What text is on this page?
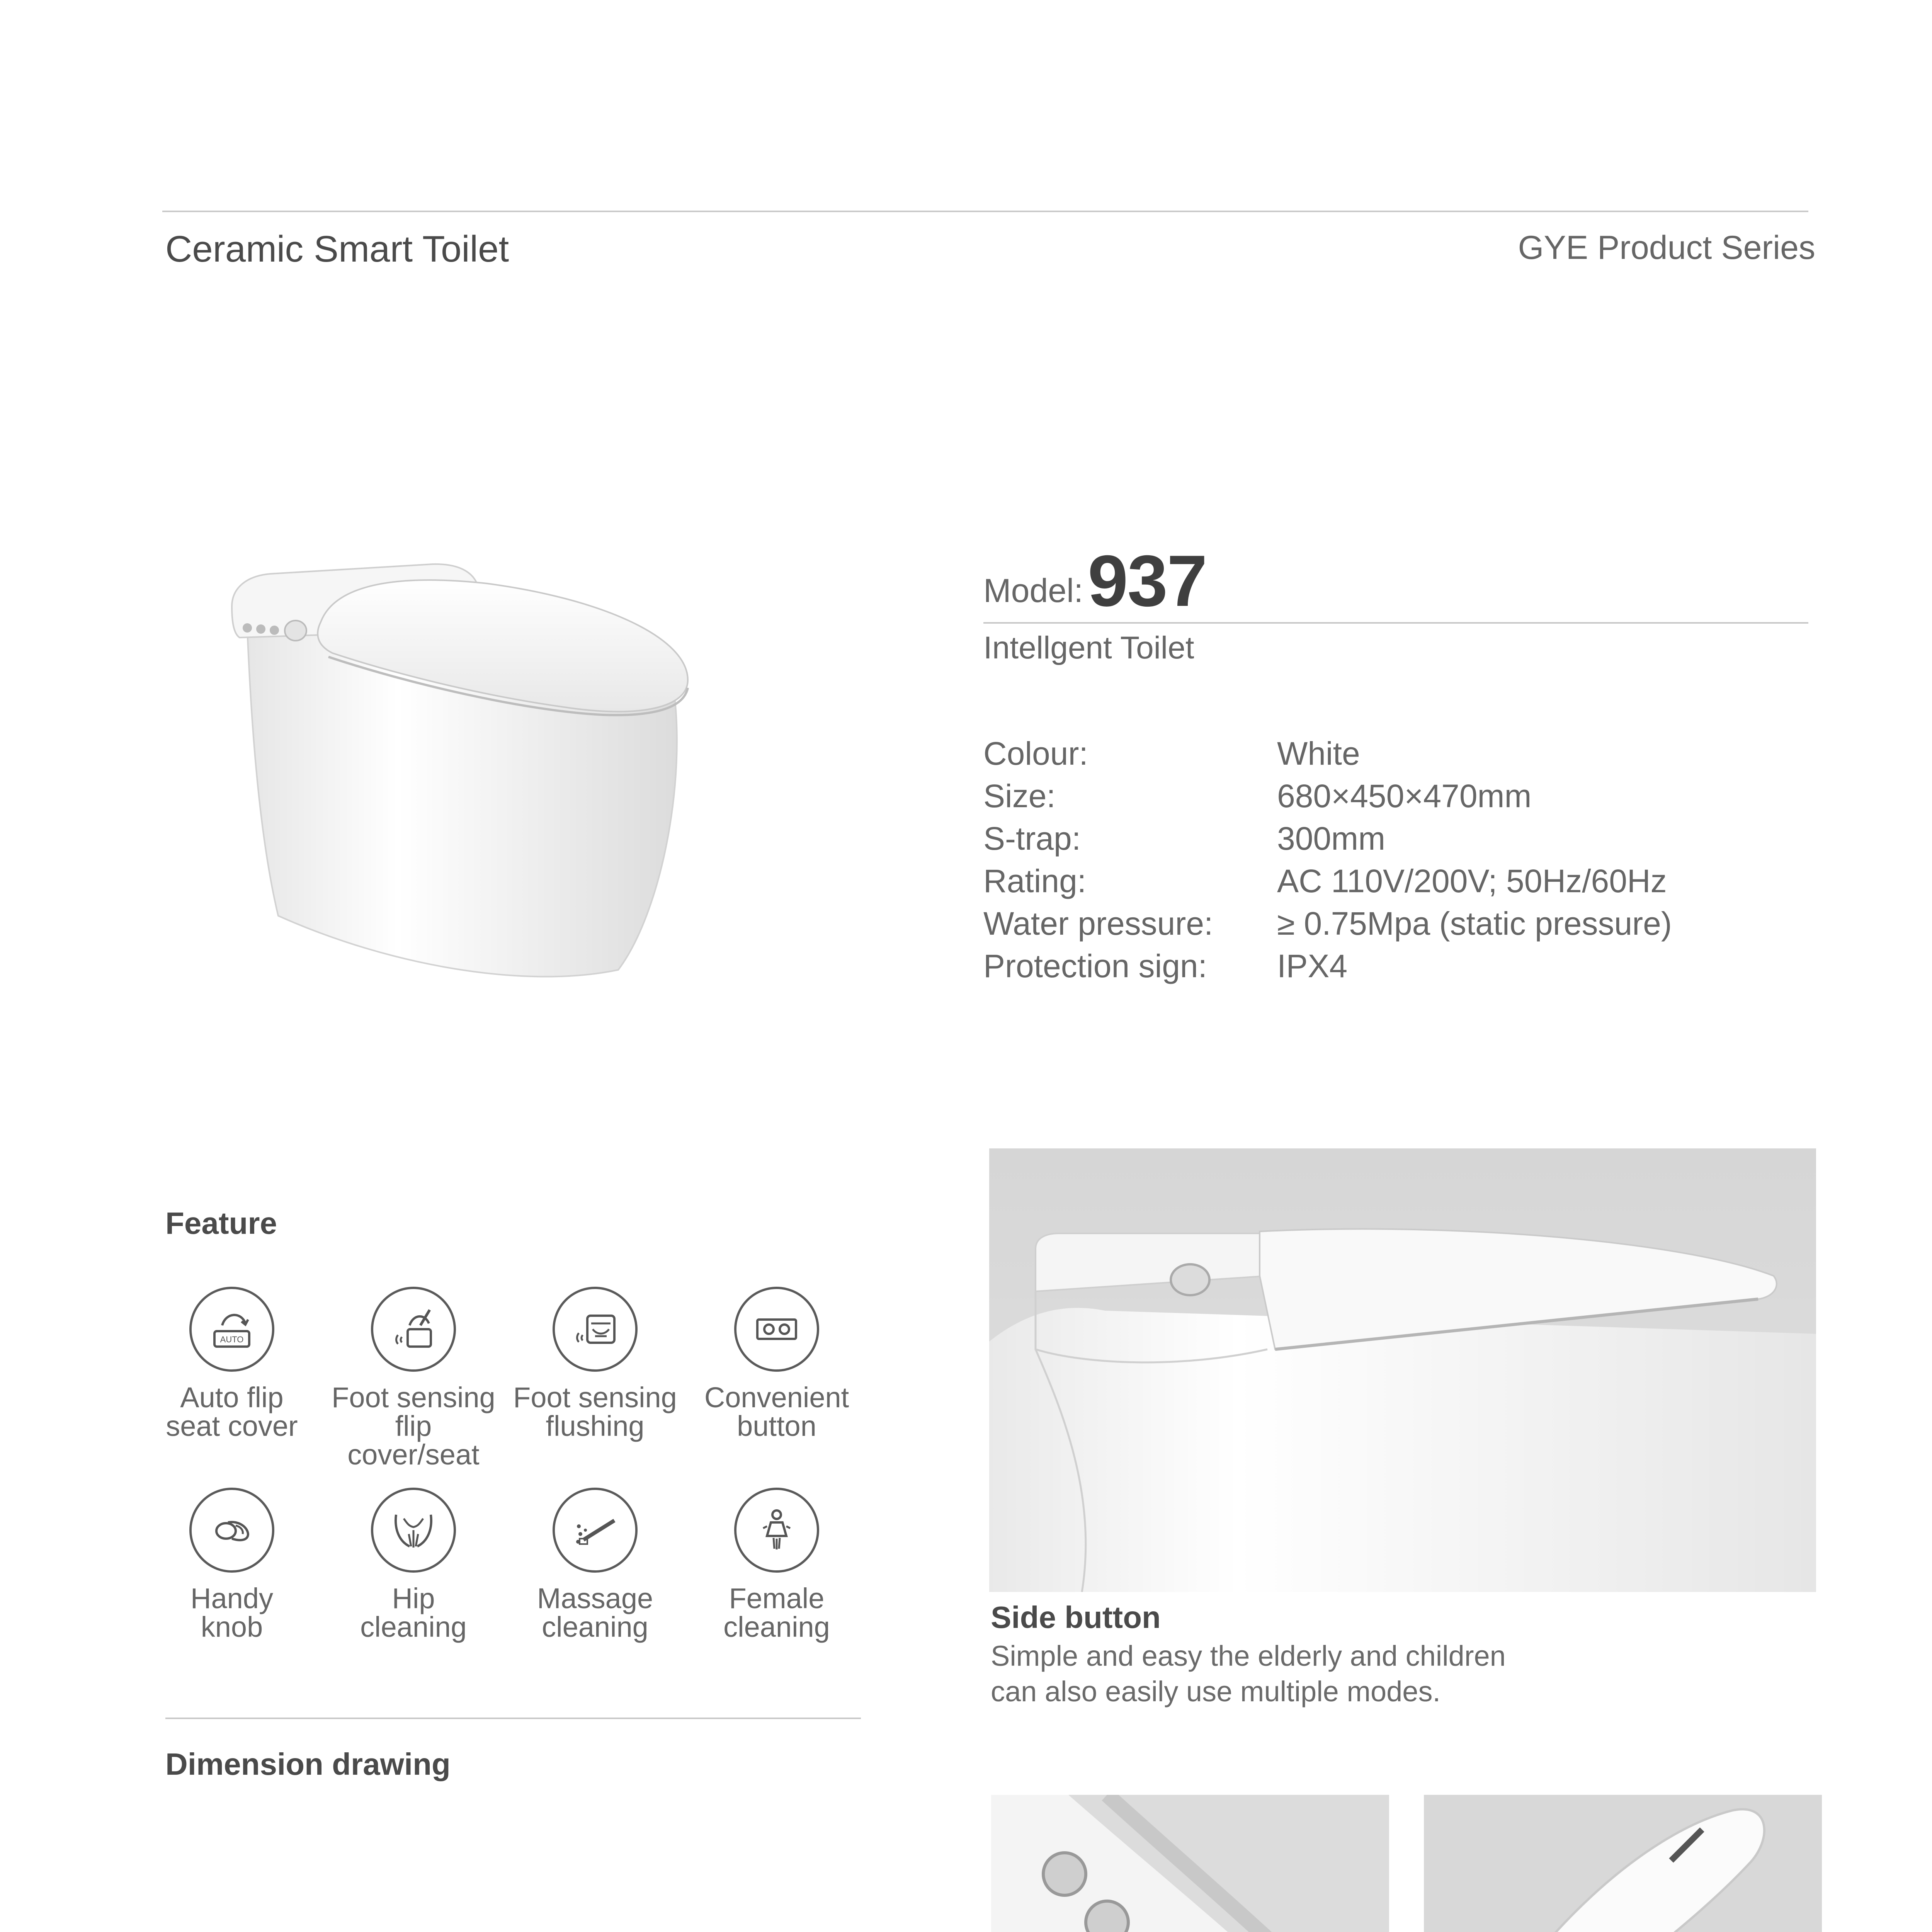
Ceramic Smart Toilet	GYE Product Series
Model: 937
Intellgent Toilet
Colour:	White
Size:	680×450×470mm
S-trap:	300mm
Rating:	AC 110V/200V; 50Hz/60Hz
Water pressure:	≥ 0.75Mpa (static pressure)
Protection sign:	IPX4
Feature
AUTO
Auto flip
seat cover
Foot sensing
flip cover/seat
Foot sensing
flushing
Convenient
button
Handy
knob
Hip
cleaning
Massage
cleaning
Female
cleaning
Dimension drawing
Side button
Simple and easy the elderly and children
can also easily use multiple modes.
